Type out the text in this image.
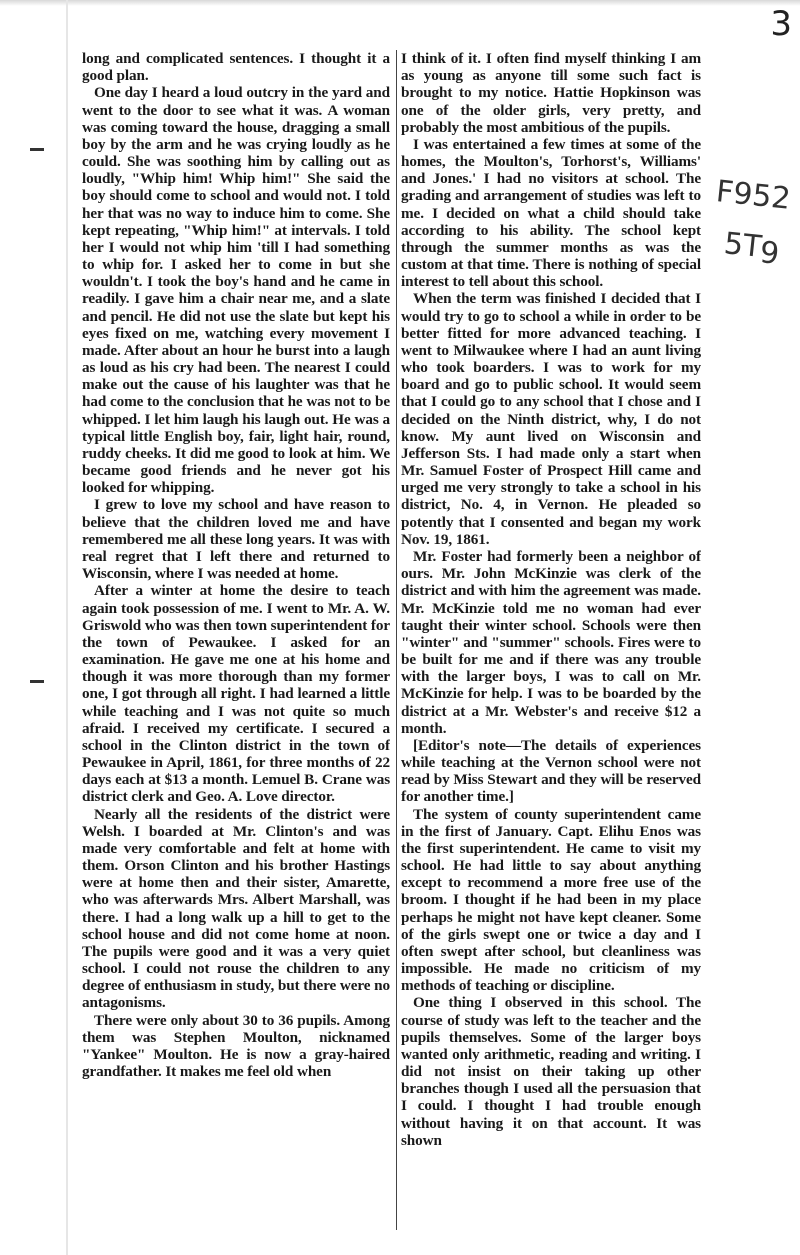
3
F952
5T
9

long and complicated sentences. I thought it a good plan.

One day I heard a loud outcry in the yard and went to the door to see what it was. A woman was coming toward the house, dragging a small boy by the arm and he was crying loudly as he could. She was soothing him by calling out as loudly, "Whip him! Whip him!" She said the boy should come to school and would not. I told her that was no way to induce him to come. She kept repeating, "Whip him!" at intervals. I told her I would not whip him 'till I had something to whip for. I asked her to come in but she wouldn't. I took the boy's hand and he came in readily. I gave him a chair near me, and a slate and pencil. He did not use the slate but kept his eyes fixed on me, watching every movement I made. After about an hour he burst into a laugh as loud as his cry had been. The nearest I could make out the cause of his laughter was that he had come to the conclusion that he was not to be whipped. I let him laugh his laugh out. He was a typical little English boy, fair, light hair, round, ruddy cheeks. It did me good to look at him. We became good friends and he never got his looked for whipping.

I grew to love my school and have reason to believe that the children loved me and have remembered me all these long years. It was with real regret that I left there and returned to Wisconsin, where I was needed at home.

After a winter at home the desire to teach again took possession of me. I went to Mr. A. W. Griswold who was then town superintendent for the town of Pewaukee. I asked for an examination. He gave me one at his home and though it was more thorough than my former one, I got through all right. I had learned a little while teaching and I was not quite so much afraid. I received my certificate. I secured a school in the Clinton district in the town of Pewaukee in April, 1861, for three months of 22 days each at $13 a month. Lemuel B. Crane was district clerk and Geo. A. Love director.

Nearly all the residents of the district were Welsh. I boarded at Mr. Clinton's and was made very comfortable and felt at home with them. Orson Clinton and his brother Hastings were at home then and their sister, Amarette, who was afterwards Mrs. Albert Marshall, was there. I had a long walk up a hill to get to the school house and did not come home at noon. The pupils were good and it was a very quiet school. I could not rouse the children to any degree of enthusiasm in study, but there were no antagonisms.

There were only about 30 to 36 pupils. Among them was Stephen Moulton, nicknamed "Yankee" Moulton. He is now a gray-haired grandfather. It makes me feel old when

I think of it. I often find myself thinking I am as young as anyone till some such fact is brought to my notice. Hattie Hopkinson was one of the older girls, very pretty, and probably the most ambitious of the pupils.

I was entertained a few times at some of the homes, the Moulton's, Torhorst's, Williams' and Jones.' I had no visitors at school. The grading and arrangement of studies was left to me. I decided on what a child should take according to his ability. The school kept through the summer months as was the custom at that time. There is nothing of special interest to tell about this school.

When the term was finished I decided that I would try to go to school a while in order to be better fitted for more advanced teaching. I went to Milwaukee where I had an aunt living who took boarders. I was to work for my board and go to public school. It would seem that I could go to any school that I chose and I decided on the Ninth district, why, I do not know. My aunt lived on Wisconsin and Jefferson Sts. I had made only a start when Mr. Samuel Foster of Prospect Hill came and urged me very strongly to take a school in his district, No. 4, in Vernon. He pleaded so potently that I consented and began my work Nov. 19, 1861.

Mr. Foster had formerly been a neighbor of ours. Mr. John McKinzie was clerk of the district and with him the agreement was made. Mr. McKinzie told me no woman had ever taught their winter school. Schools were then "winter" and "summer" schools. Fires were to be built for me and if there was any trouble with the larger boys, I was to call on Mr. McKinzie for help. I was to be boarded by the district at a Mr. Webster's and receive $12 a month.

[Editor's note—The details of experiences while teaching at the Vernon school were not read by Miss Stewart and they will be reserved for another time.]

The system of county superintendent came in the first of January. Capt. Elihu Enos was the first superintendent. He came to visit my school. He had little to say about anything except to recommend a more free use of the broom. I thought if he had been in my place perhaps he might not have kept cleaner. Some of the girls swept one or twice a day and I often swept after school, but cleanliness was impossible. He made no criticism of my methods of teaching or discipline.

One thing I observed in this school. The course of study was left to the teacher and the pupils themselves. Some of the larger boys wanted only arithmetic, reading and writing. I did not insist on their taking up other branches though I used all the persuasion that I could. I thought I had trouble enough without having it on that account. It was shown
